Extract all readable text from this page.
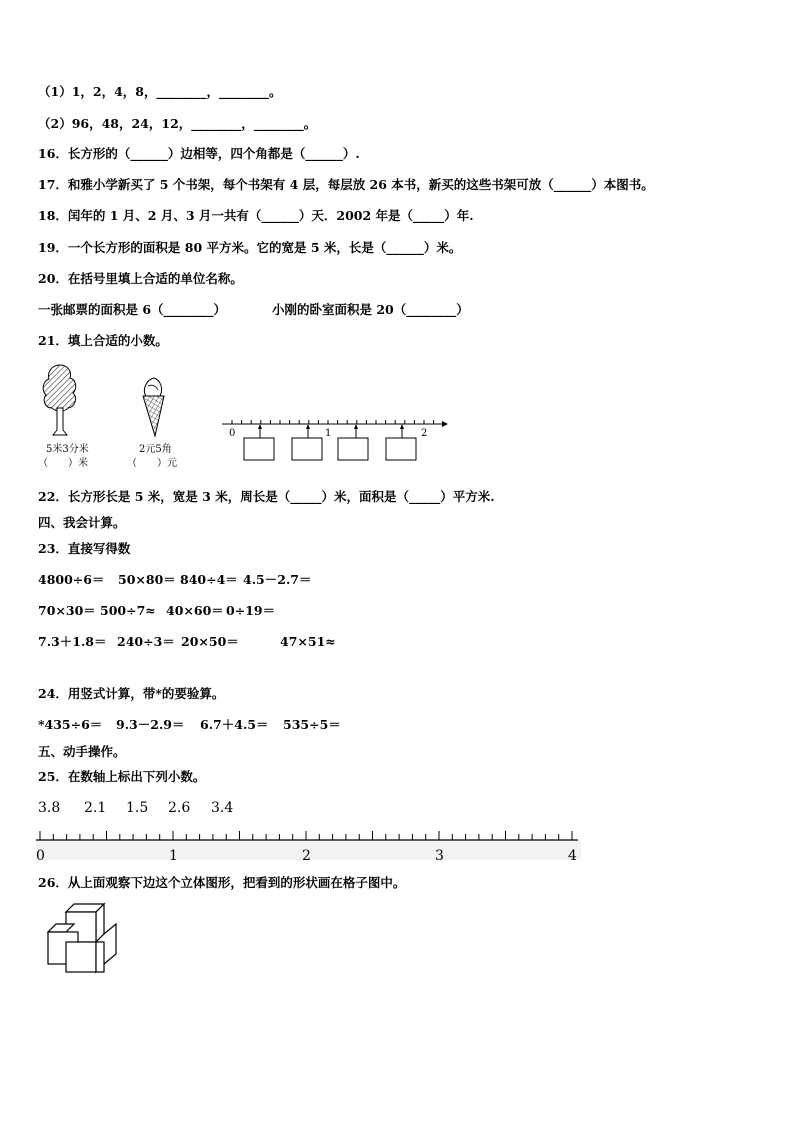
（1）1，2，4，8，________，________。
（2）96，48，24，12，________，________。
16．长方形的（______）边相等，四个角都是（______）.
17．和雅小学新买了 5 个书架，每个书架有 4 层，每层放 26 本书，新买的这些书架可放（______）本图书。
18．闰年的 1 月、2 月、3 月一共有（______）天．2002 年是（_____）年.
19．一个长方形的面积是 80 平方米。它的宽是 5 米，长是（______）米。
20．在括号里填上合适的单位名称。
一张邮票的面积是 6（________）	小刚的卧室面积是 20（________）
21．填上合适的小数。
5米3分米
（　　）米
2元5角
（　　）元
0	1	2
22．长方形长是 5 米，宽是 3 米，周长是（_____）米，面积是（_____）平方米.
四、我会计算。
23．直接写得数
4800÷6＝ 50×80＝ 840÷4＝ 4.5－2.7＝
70×30＝ 500÷7≈ 40×60＝ 0÷19＝
7.3＋1.8＝ 240÷3＝ 20×50＝	47×51≈
24．用竖式计算，带*的要验算。
*435÷6＝ 9.3－2.9＝ 6.7＋4.5＝ 535÷5＝
五、动手操作。
25．在数轴上标出下列小数。
3.8 2.1 1.5 2.6 3.4
0	1	2	3	4
26．从上面观察下边这个立体图形，把看到的形状画在格子图中。
